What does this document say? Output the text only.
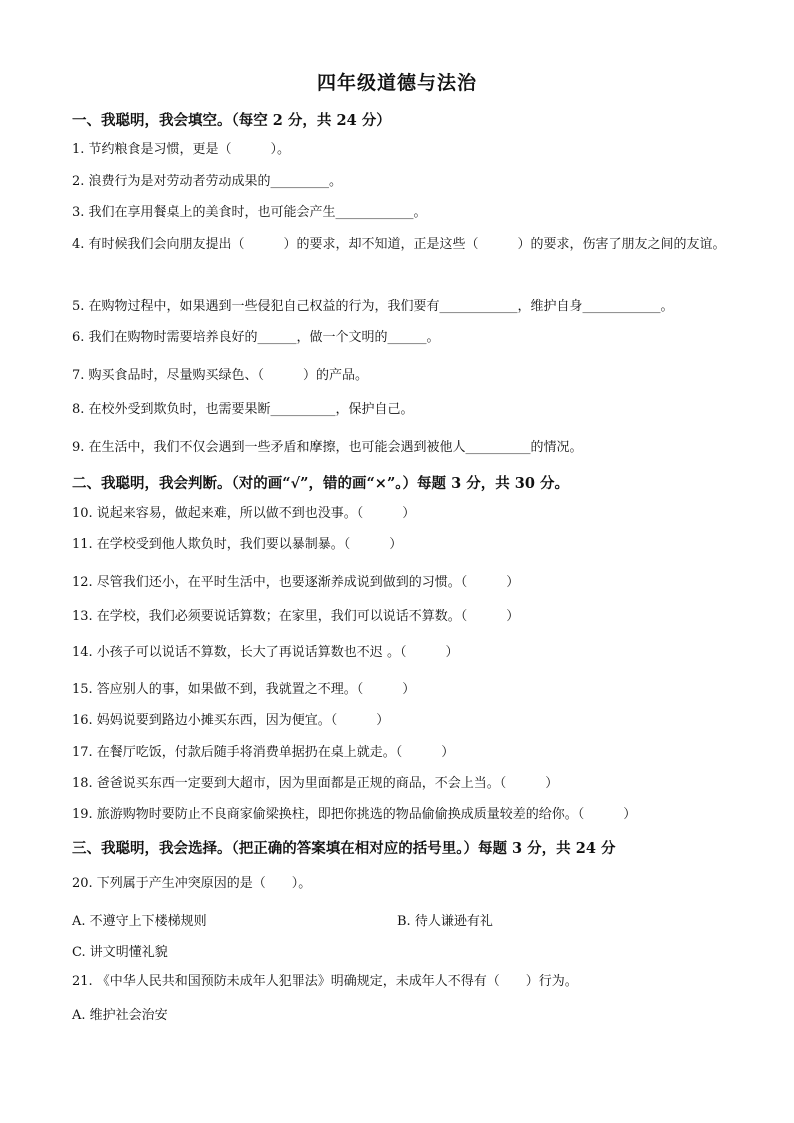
四年级道德与法治
一、我聪明，我会填空。（每空 2 分，共 24 分）
1. 节约粮食是习惯，更是（　　　）。
2. 浪费行为是对劳动者劳动成果的_________。
3. 我们在享用餐桌上的美食时，也可能会产生____________。
4. 有时候我们会向朋友提出（　　　）的要求，却不知道，正是这些（　　　）的要求，伤害了朋友之间的友谊。
5. 在购物过程中，如果遇到一些侵犯自己权益的行为，我们要有____________，维护自身____________。
6. 我们在购物时需要培养良好的______，做一个文明的______。
7. 购买食品时，尽量购买绿色、（　　　）的产品。
8. 在校外受到欺负时，也需要果断__________，保护自己。
9. 在生活中，我们不仅会遇到一些矛盾和摩擦，也可能会遇到被他人__________的情况。
二、我聪明，我会判断。（对的画“√”，错的画“×”。）每题 3 分，共 30 分。
10. 说起来容易，做起来难，所以做不到也没事。（　　　）
11. 在学校受到他人欺负时，我们要以暴制暴。（　　　）
12. 尽管我们还小，在平时生活中，也要逐渐养成说到做到的习惯。（　　　）
13. 在学校，我们必须要说话算数；在家里，我们可以说话不算数。（　　　）
14. 小孩子可以说话不算数，长大了再说话算数也不迟 。（　　　）
15. 答应别人的事，如果做不到，我就置之不理。（　　　）
16. 妈妈说要到路边小摊买东西，因为便宜。（　　　）
17. 在餐厅吃饭，付款后随手将消费单据扔在桌上就走。（　　　）
18. 爸爸说买东西一定要到大超市，因为里面都是正规的商品，不会上当。（　　　）
19. 旅游购物时要防止不良商家偷梁换柱，即把你挑选的物品偷偷换成质量较差的给你。（　　　）
三、我聪明，我会选择。（把正确的答案填在相对应的括号里。）每题 3 分，共 24 分
20. 下列属于产生冲突原因的是（　　）。
A. 不遵守上下楼梯规则	B. 待人谦逊有礼
C. 讲文明懂礼貌
21. 《中华人民共和国预防未成年人犯罪法》明确规定，未成年人不得有（　　）行为。
A. 维护社会治安
